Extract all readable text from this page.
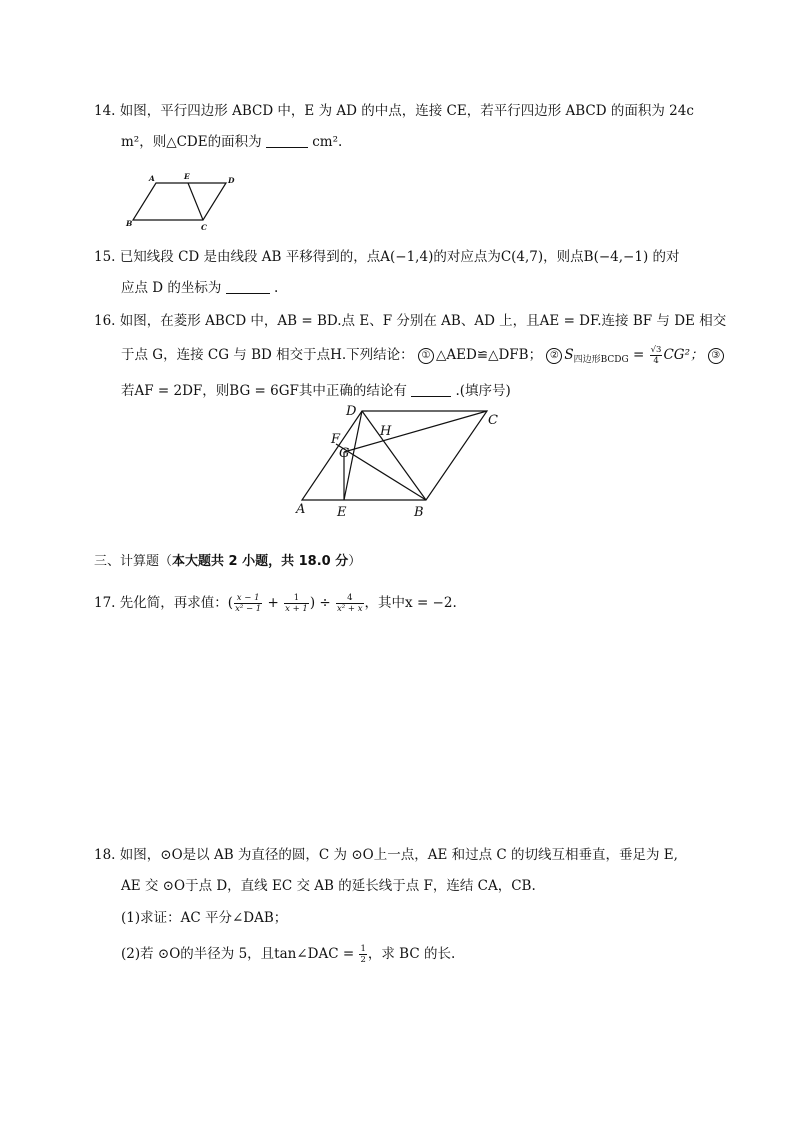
14. 如图，平行四边形 ABCD 中，E 为 AD 的中点，连接 CE，若平行四边形 ABCD 的面积为 24c
m²，则△CDE的面积为	cm².
A	E	D
B	C
D
C
H
F
G
A E	B
15. 已知线段 CD 是由线段 AB 平移得到的，点A(−1,4)的对应点为C(4,7)，则点B(−4,−1) 的对
应点 D 的坐标为	.
16. 如图，在菱形 ABCD 中，AB = BD.点 E、F 分别在 AB、AD 上，且AE = DF.连接 BF 与 DE 相交
于点 G，连接 CG 与 BD 相交于点H.下列结论： ① △AED≌△DFB； ② $S_{四边形BCDG} = \frac{√3}{4} CG^2$； ③
若AF = 2DF，则BG = 6GF其中正确的结论有	.(填序号)
三、计算题（本大题共 2 小题，共 18.0 分）
17. 先化简，再求值：( $\frac{x - 1}{\text{x² − 1}} + \frac{1}{x + 1}$ ) ÷ $\frac{4}{\text{x² + x}}$ ，其中x = −2.
18. 如图，⊙O是以 AB 为直径的圆，C 为 ⊙O上一点，AE 和过点 C 的切线互相垂直，垂足为 E,
AE 交 ⊙O于点 D，直线 EC 交 AB 的延长线于点 F，连结 CA，CB.
(1)求证：AC 平分∠DAB；
(2)若 ⊙O的半径为 5，且tan∠DAC = $\frac{1}{2}$ ，求 BC 的长.
